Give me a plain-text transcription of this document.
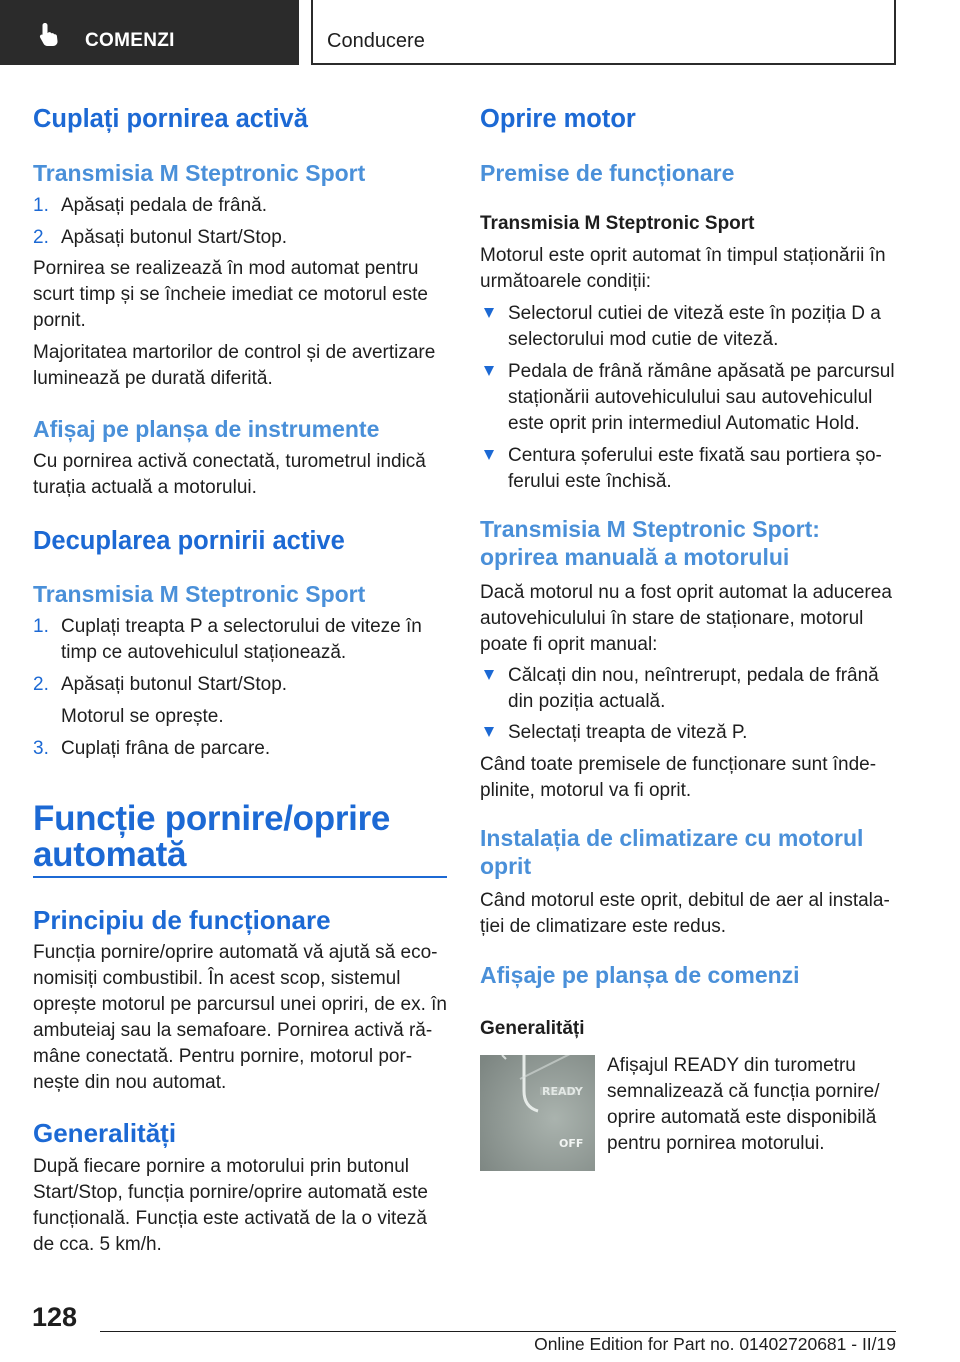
COMENZI	Conducere
Cuplați pornirea activă
Transmisia M Steptronic Sport
1. Apăsați pedala de frână.
2. Apăsați butonul Start/Stop.
Pornirea se realizează în mod automat pentru
scurt timp și se încheie imediat ce motorul este
pornit.
Majoritatea martorilor de control și de avertizare
luminează pe durată diferită.
Afișaj pe planșa de instrumente
Cu pornirea activă conectată, turometrul indică
turația actuală a motorului.
Decuplarea pornirii active
Transmisia M Steptronic Sport
1. Cuplați treapta P a selectorului de viteze în
timp ce autovehiculul staționează.
2. Apăsați butonul Start/Stop.
Motorul se oprește.
3. Cuplați frâna de parcare.
Funcție pornire/oprire
automată
Principiu de funcționare
Funcția pornire/oprire automată vă ajută să eco‐
nomisiți combustibil. În acest scop, sistemul
oprește motorul pe parcursul unei opriri, de ex. în
ambuteiaj sau la semafoare. Pornirea activă ră‐
mâne conectată. Pentru pornire, motorul por‐
nește din nou automat.
Generalități
După fiecare pornire a motorului prin butonul
Start/Stop, funcția pornire/oprire automată este
funcțională. Funcția este activată de la o viteză
de cca. 5 km/h.
Oprire motor
Premise de funcționare
Transmisia M Steptronic Sport
Motorul este oprit automat în timpul staționării în
următoarele condiții:
Selectorul cutiei de viteză este în poziția D a
selectorului mod cutie de viteză.
Pedala de frână rămâne apăsată pe parcursul
staționării autovehiculului sau autovehiculul
este oprit prin intermediul Automatic Hold.
Centura șoferului este fixată sau portiera șo‐
ferului este închisă.
Transmisia M Steptronic Sport:
oprirea manuală a motorului
Dacă motorul nu a fost oprit automat la aducerea
autovehiculului în stare de staționare, motorul
poate fi oprit manual:
Călcați din nou, neîntrerupt, pedala de frână
din poziția actuală.
Selectați treapta de viteză P.
Când toate premisele de funcționare sunt înde‐
plinite, motorul va fi oprit.
Instalația de climatizare cu motorul
oprit
Când motorul este oprit, debitul de aer al instala‐
ției de climatizare este redus.
Afișaje pe planșa de comenzi
Generalități
Afișajul READY din turometru
semnalizează că funcția pornire/
oprire automată este disponibilă
pentru pornirea motorului.
READY
OFF
128
Online Edition for Part no. 01402720681 - II/19
